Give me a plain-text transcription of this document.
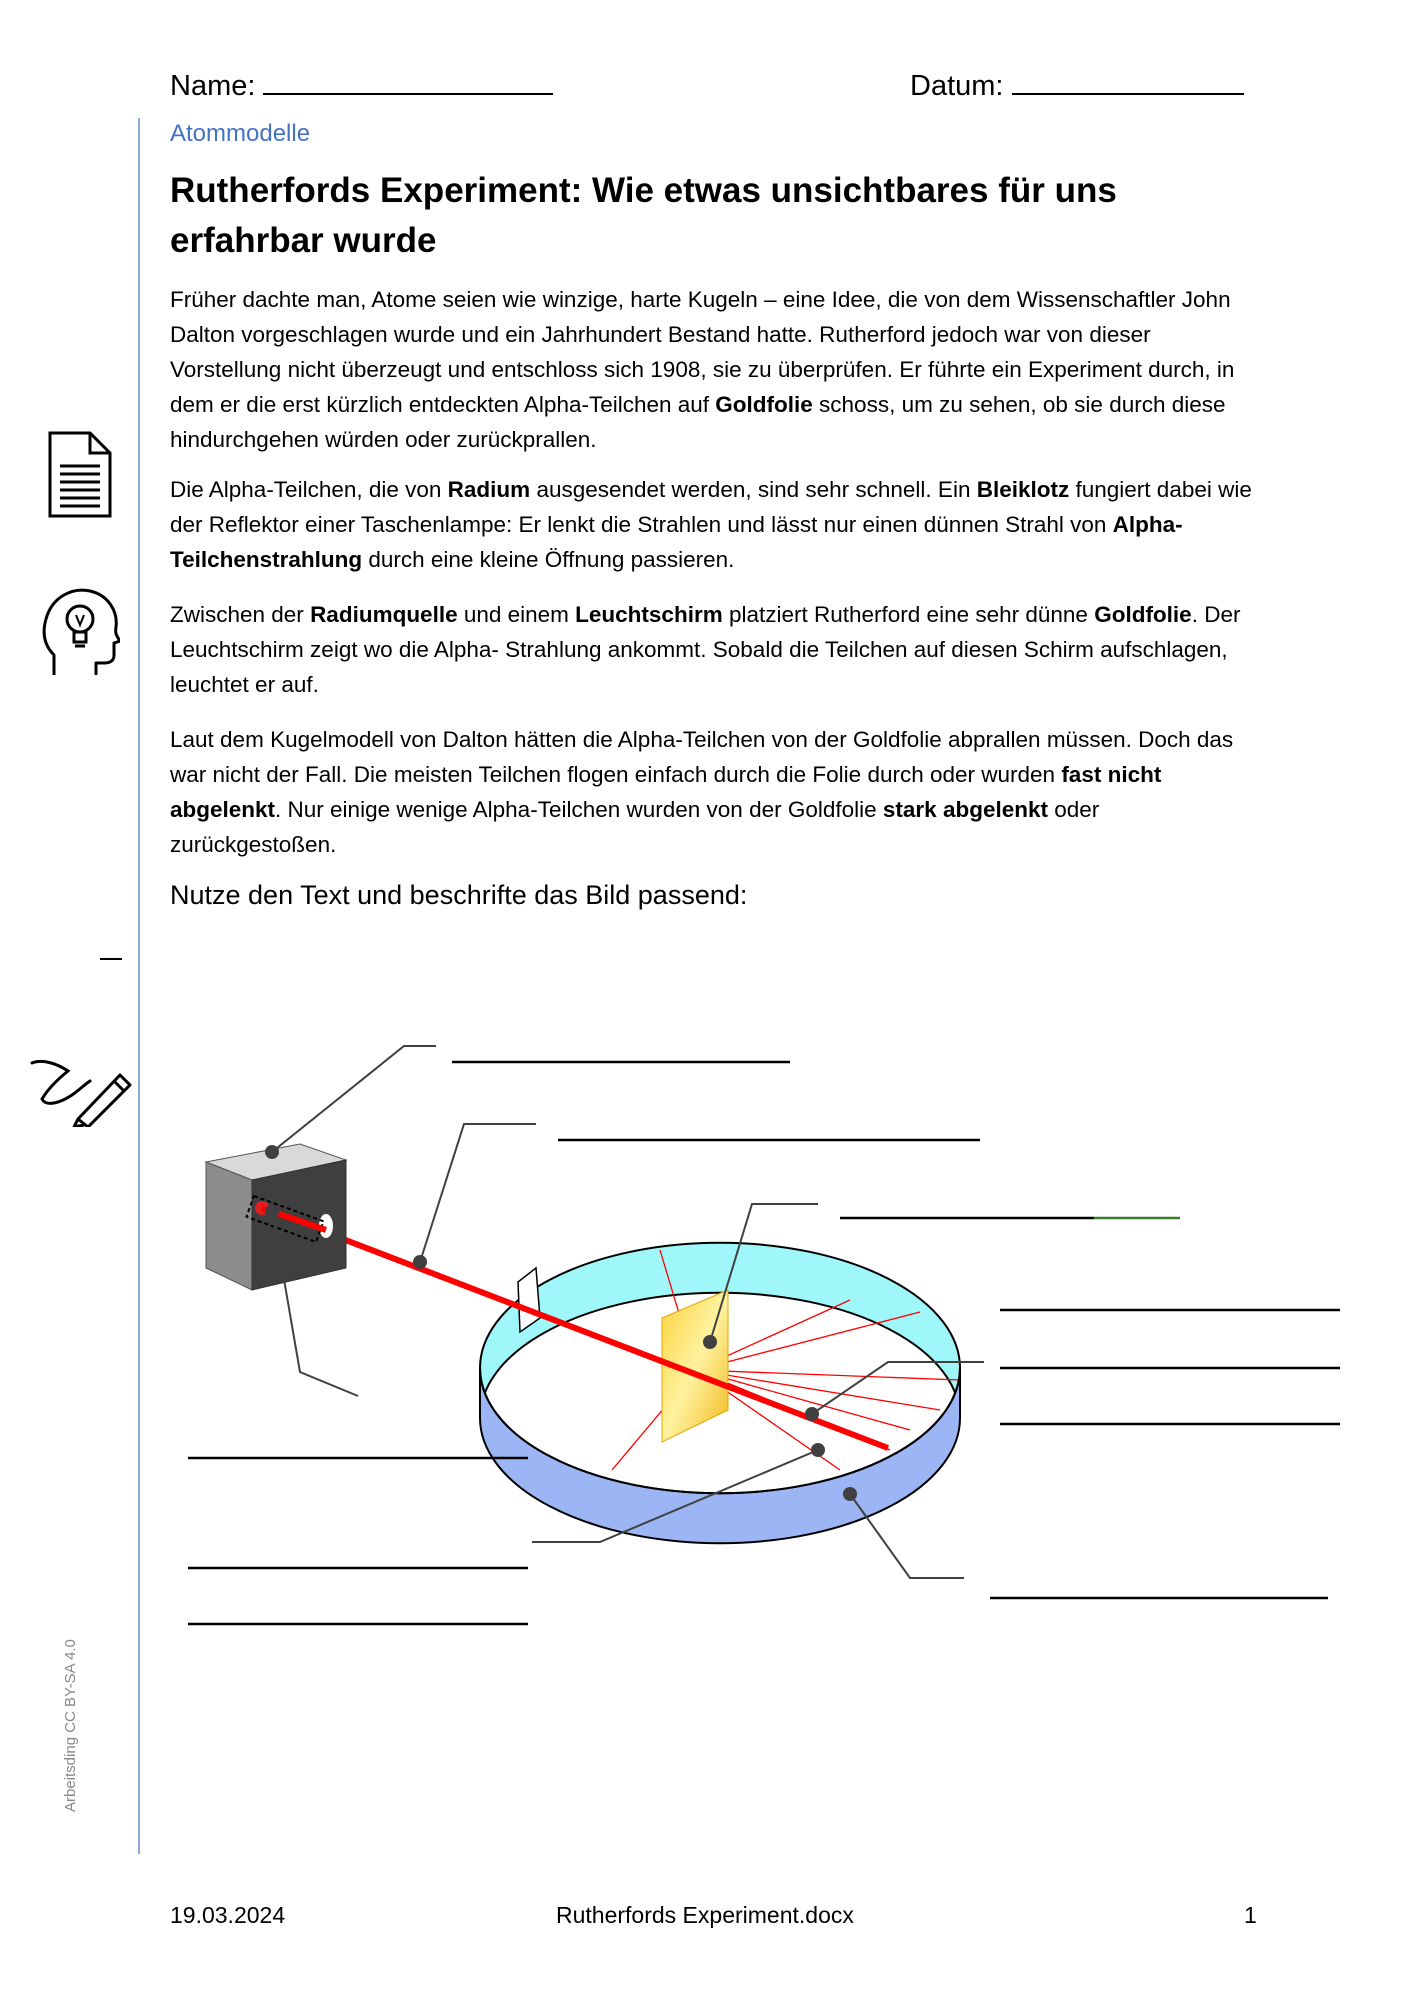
Name:	Datum:
Arbeitsding CC BY-SA 4.0
Atommodelle
Rutherfords Experiment: Wie etwas unsichtbares für uns erfahrbar wurde
Früher dachte man, Atome seien wie winzige, harte Kugeln – eine Idee, die von dem Wissenschaftler John Dalton vorgeschlagen wurde und ein Jahrhundert Bestand hatte. Rutherford jedoch war von dieser Vorstellung nicht überzeugt und entschloss sich 1908, sie zu überprüfen. Er führte ein Experiment durch, in dem er die erst kürzlich entdeckten Alpha-Teilchen auf Goldfolie schoss, um zu sehen, ob sie durch diese hindurchgehen würden oder zurückprallen.
Die Alpha-Teilchen, die von Radium ausgesendet werden, sind sehr schnell. Ein Bleiklotz fungiert dabei wie der Reflektor einer Taschenlampe: Er lenkt die Strahlen und lässt nur einen dünnen Strahl von Alpha-Teilchenstrahlung durch eine kleine Öffnung passieren.
Zwischen der Radiumquelle und einem Leuchtschirm platziert Rutherford eine sehr dünne Goldfolie. Der Leuchtschirm zeigt wo die Alpha- Strahlung ankommt. Sobald die Teilchen auf diesen Schirm aufschlagen, leuchtet er auf.
Laut dem Kugelmodell von Dalton hätten die Alpha-Teilchen von der Goldfolie abprallen müssen. Doch das war nicht der Fall. Die meisten Teilchen flogen einfach durch die Folie durch oder wurden fast nicht abgelenkt. Nur einige wenige Alpha-Teilchen wurden von der Goldfolie stark abgelenkt oder zurückgestoßen.
Nutze den Text und beschrifte das Bild passend:
19.03.2024	Rutherfords Experiment.docx	1
